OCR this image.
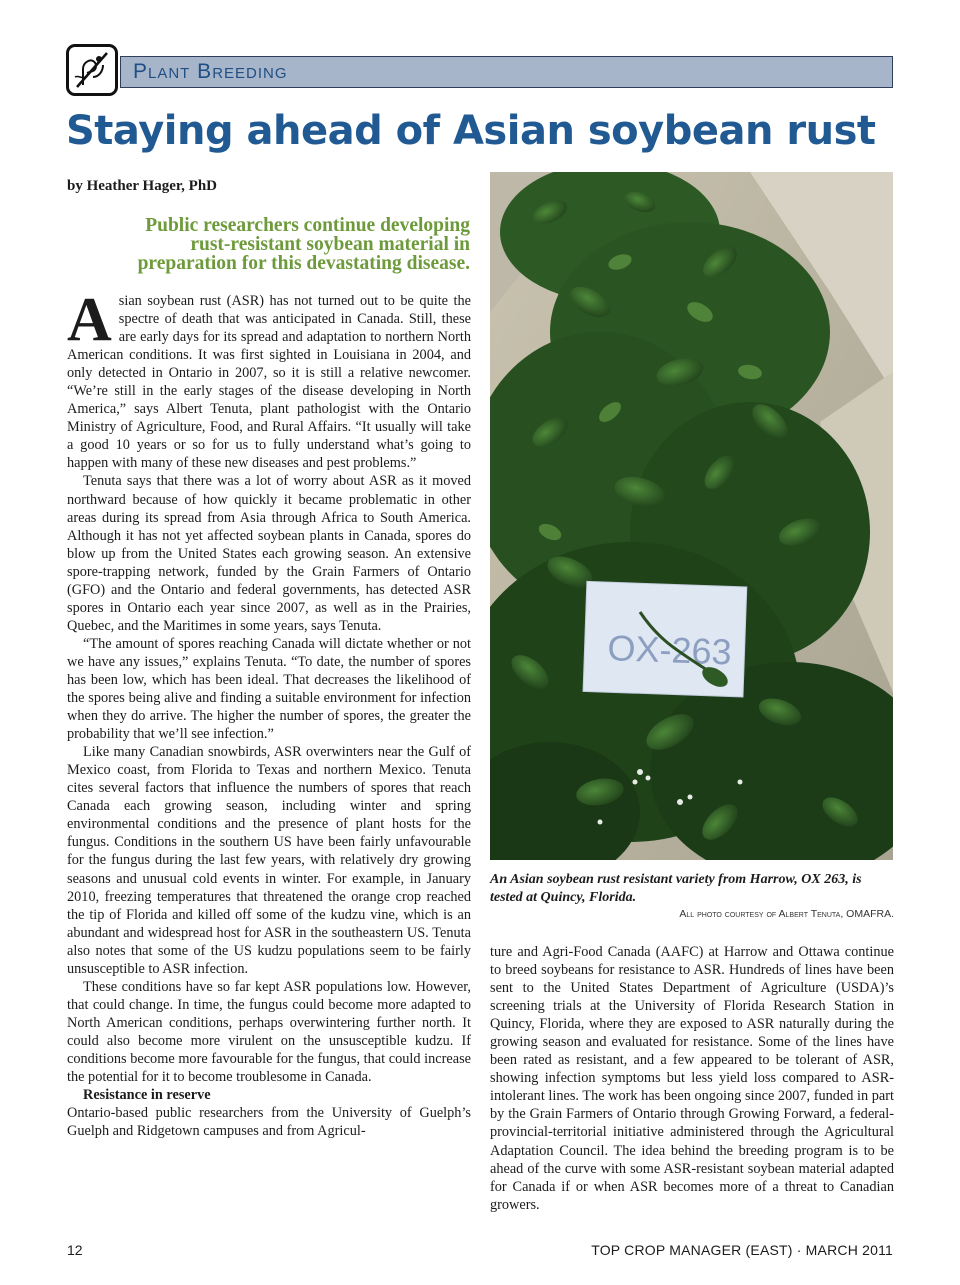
Plant Breeding
Staying ahead of Asian soybean rust
by Heather Hager, PhD
Public researchers continue developing rust-resistant soybean material in preparation for this devastating disease.

Asian soybean rust (ASR) has not turned out to be quite the spectre of death that was anticipated in Canada. Still, these are early days for its spread and adaptation to northern North American conditions. It was first sighted in Louisiana in 2004, and only detected in Ontario in 2007, so it is still a relative newcomer. “We’re still in the early stages of the disease developing in North America,” says Albert Tenuta, plant pathologist with the Ontario Ministry of Agriculture, Food, and Rural Affairs. “It usually will take a good 10 years or so for us to fully understand what’s going to happen with many of these new diseases and pest problems.”

Tenuta says that there was a lot of worry about ASR as it moved northward because of how quickly it became problematic in other areas during its spread from Asia through Africa to South America. Although it has not yet affected soybean plants in Canada, spores do blow up from the United States each growing season. An extensive spore-trapping network, funded by the Grain Farmers of Ontario (GFO) and the Ontario and federal governments, has detected ASR spores in Ontario each year since 2007, as well as in the Prairies, Quebec, and the Maritimes in some years, says Tenuta.

“The amount of spores reaching Canada will dictate whether or not we have any issues,” explains Tenuta. “To date, the number of spores has been low, which has been ideal. That decreases the likelihood of the spores being alive and finding a suitable environment for infection when they do arrive. The higher the number of spores, the greater the probability that we’ll see infection.”

Like many Canadian snowbirds, ASR overwinters near the Gulf of Mexico coast, from Florida to Texas and northern Mexico. Tenuta cites several factors that influence the numbers of spores that reach Canada each growing season, including winter and spring environmental conditions and the presence of plant hosts for the fungus. Conditions in the southern US have been fairly unfavourable for the fungus during the last few years, with relatively dry growing seasons and unusual cold events in winter. For example, in January 2010, freezing temperatures that threatened the orange crop reached the tip of Florida and killed off some of the kudzu vine, which is an abundant and widespread host for ASR in the southeastern US. Tenuta also notes that some of the US kudzu populations seem to be fairly unsusceptible to ASR infection.

These conditions have so far kept ASR populations low. However, that could change. In time, the fungus could become more adapted to North American conditions, perhaps overwintering further north. It could also become more virulent on the unsusceptible kudzu. If conditions become more favourable for the fungus, that could increase the potential for it to become troublesome in Canada.

Resistance in reserve

Ontario-based public researchers from the University of Guelph’s Guelph and Ridgetown campuses and from Agricul-

OX-263
An Asian soybean rust resistant variety from Harrow, OX 263, is tested at Quincy, Florida.
All photo courtesy of Albert Tenuta, OMAFRA.

ture and Agri-Food Canada (AAFC) at Harrow and Ottawa continue to breed soybeans for resistance to ASR. Hundreds of lines have been sent to the United States Department of Agriculture (USDA)’s screening trials at the University of Florida Research Station in Quincy, Florida, where they are exposed to ASR naturally during the growing season and evaluated for resistance. Some of the lines have been rated as resistant, and a few appeared to be tolerant of ASR, showing infection symptoms but less yield loss compared to ASR-intolerant lines. The work has been ongoing since 2007, funded in part by the Grain Farmers of Ontario through Growing Forward, a federal-provincial-territorial initiative administered through the Agricultural Adaptation Council. The idea behind the breeding program is to be ahead of the curve with some ASR-resistant soybean material adapted for Canada if or when ASR becomes more of a threat to Canadian growers.

12	TOP CROP MANAGER (EAST) · MARCH 2011
